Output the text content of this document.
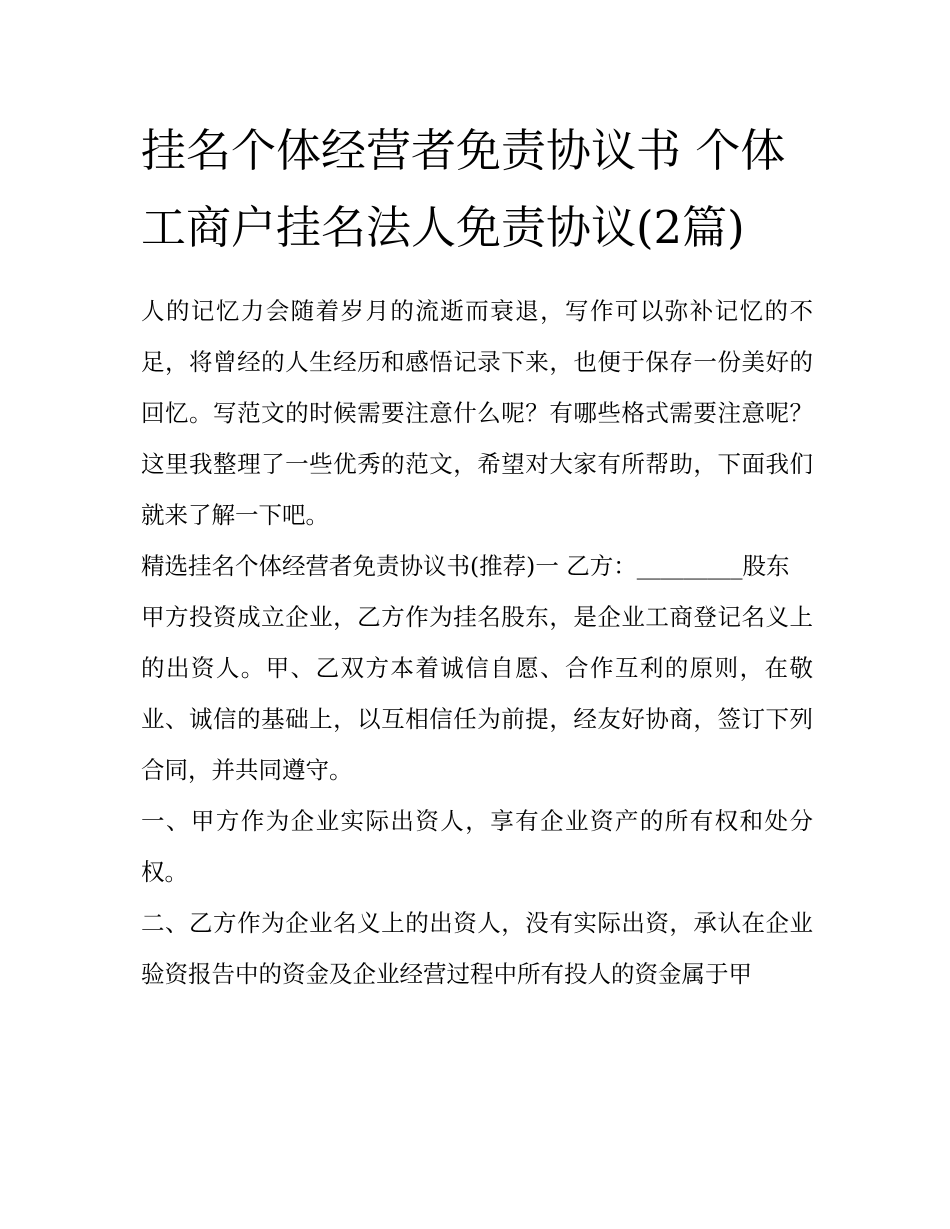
挂名个体经营者免责协议书 个体工商户挂名法人免责协议(2篇)

人的记忆力会随着岁月的流逝而衰退，写作可以弥补记忆的不足，将曾经的人生经历和感悟记录下来，也便于保存一份美好的回忆。写范文的时候需要注意什么呢？有哪些格式需要注意呢？这里我整理了一些优秀的范文，希望对大家有所帮助，下面我们就来了解一下吧。

精选挂名个体经营者免责协议书(推荐)一 乙方：_________股东

甲方投资成立企业，乙方作为挂名股东，是企业工商登记名义上的出资人。甲、乙双方本着诚信自愿、合作互利的原则，在敬业、诚信的基础上，以互相信任为前提，经友好协商，签订下列合同，并共同遵守。

一、甲方作为企业实际出资人，享有企业资产的所有权和处分权。

二、乙方作为企业名义上的出资人，没有实际出资，承认在企业验资报告中的资金及企业经营过程中所有投人的资金属于甲
